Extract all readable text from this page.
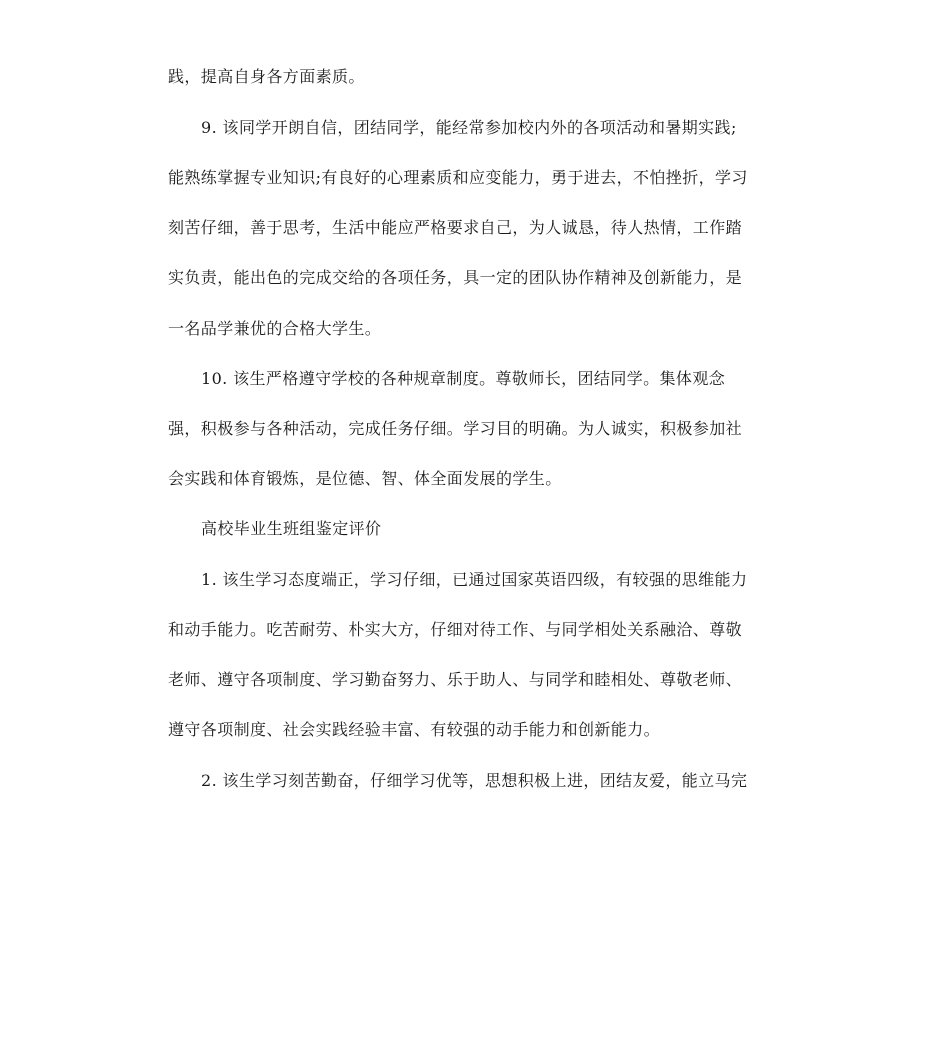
践，提高自身各方面素质。
9. 该同学开朗自信，团结同学，能经常参加校内外的各项活动和暑期实践;
能熟练掌握专业知识;有良好的心理素质和应变能力，勇于进去，不怕挫折，学习
刻苦仔细，善于思考，生活中能应严格要求自己，为人诚恳，待人热情，工作踏
实负责，能出色的完成交给的各项任务，具一定的团队协作精神及创新能力，是
一名品学兼优的合格大学生。
10. 该生严格遵守学校的各种规章制度。尊敬师长，团结同学。集体观念
强，积极参与各种活动，完成任务仔细。学习目的明确。为人诚实，积极参加社
会实践和体育锻炼，是位德、智、体全面发展的学生。
高校毕业生班组鉴定评价
1. 该生学习态度端正，学习仔细，已通过国家英语四级，有较强的思维能力
和动手能力。吃苦耐劳、朴实大方，仔细对待工作、与同学相处关系融洽、尊敬
老师、遵守各项制度、学习勤奋努力、乐于助人、与同学和睦相处、尊敬老师、
遵守各项制度、社会实践经验丰富、有较强的动手能力和创新能力。
2. 该生学习刻苦勤奋，仔细学习优等，思想积极上进，团结友爱，能立马完
